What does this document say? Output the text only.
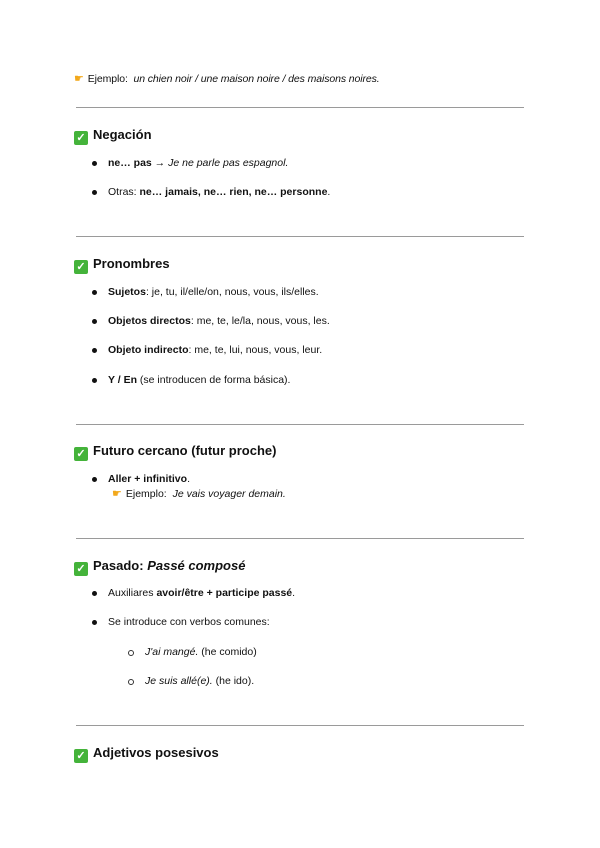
☛ Ejemplo: un chien noir / une maison noire / des maisons noires.
✓ Negación
ne… pas → Je ne parle pas espagnol.
Otras: ne… jamais, ne… rien, ne… personne.
✓ Pronombres
Sujetos: je, tu, il/elle/on, nous, vous, ils/elles.
Objetos directos: me, te, le/la, nous, vous, les.
Objeto indirecto: me, te, lui, nous, vous, leur.
Y / En (se introducen de forma básica).
✓ Futuro cercano (futur proche)
Aller + infinitivo.
☛ Ejemplo: Je vais voyager demain.
✓ Pasado: Passé composé
Auxiliares avoir/être + participe passé.
Se introduce con verbos comunes:
J'ai mangé. (he comido)
Je suis allé(e). (he ido).
✓ Adjetivos posesivos
